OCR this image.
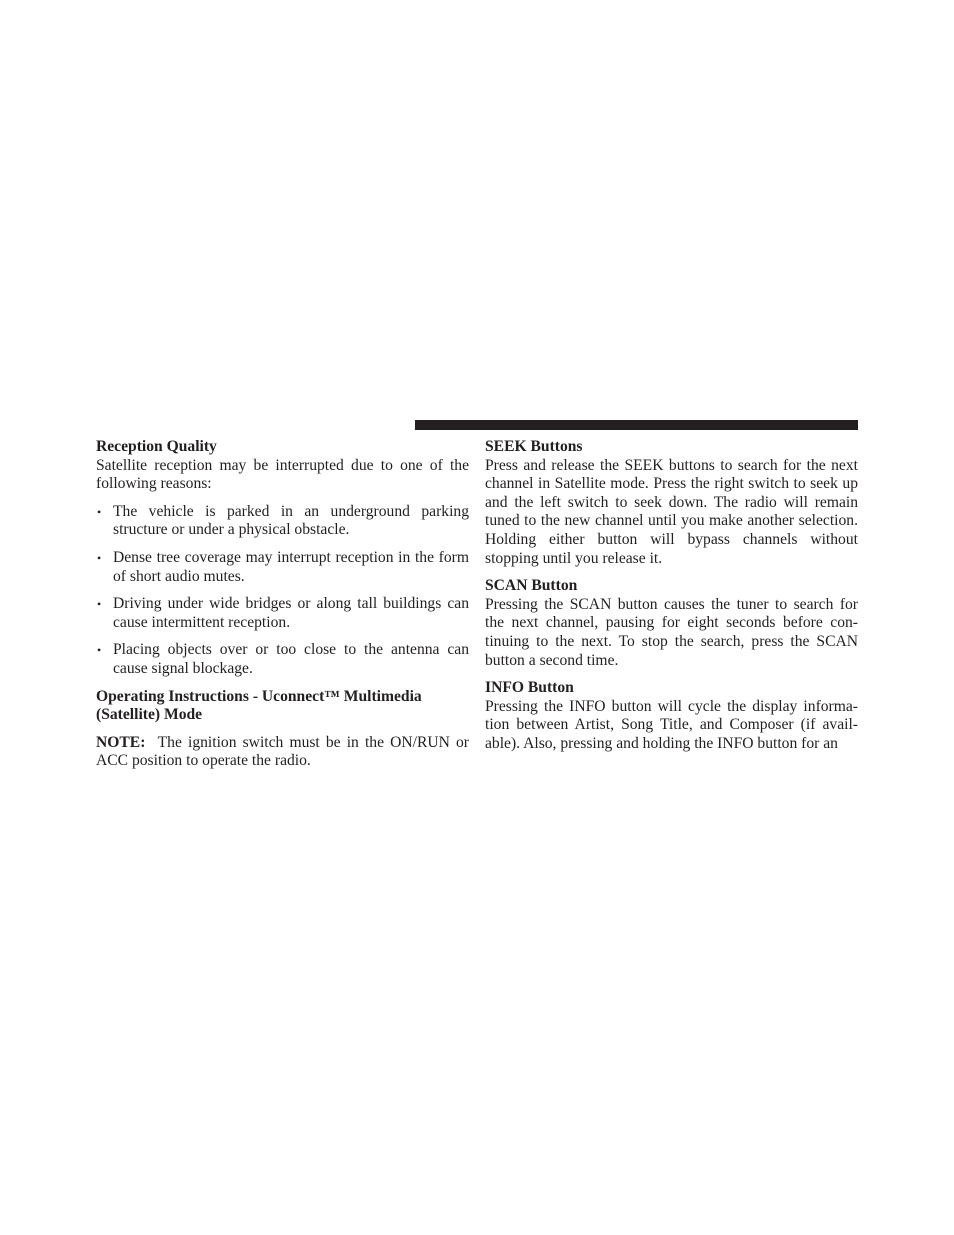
Reception Quality

Satellite reception may be interrupted due to one of the following reasons:

• The vehicle is parked in an underground parking structure or under a physical obstacle.
• Dense tree coverage may interrupt reception in the form of short audio mutes.
• Driving under wide bridges or along tall buildings can cause intermittent reception.
• Placing objects over or too close to the antenna can cause signal blockage.

Operating Instructions - Uconnect™ Multimedia (Satellite) Mode

NOTE: The ignition switch must be in the ON/RUN or ACC position to operate the radio.

SEEK Buttons

Press and release the SEEK buttons to search for the next channel in Satellite mode. Press the right switch to seek up and the left switch to seek down. The radio will remain tuned to the new channel until you make another selection. Holding either button will bypass channels without stopping until you release it.

SCAN Button

Pressing the SCAN button causes the tuner to search for the next channel, pausing for eight seconds before con-tinuing to the next. To stop the search, press the SCAN button a second time.

INFO Button

Pressing the INFO button will cycle the display informa-tion between Artist, Song Title, and Composer (if avail-able). Also, pressing and holding the INFO button for an
